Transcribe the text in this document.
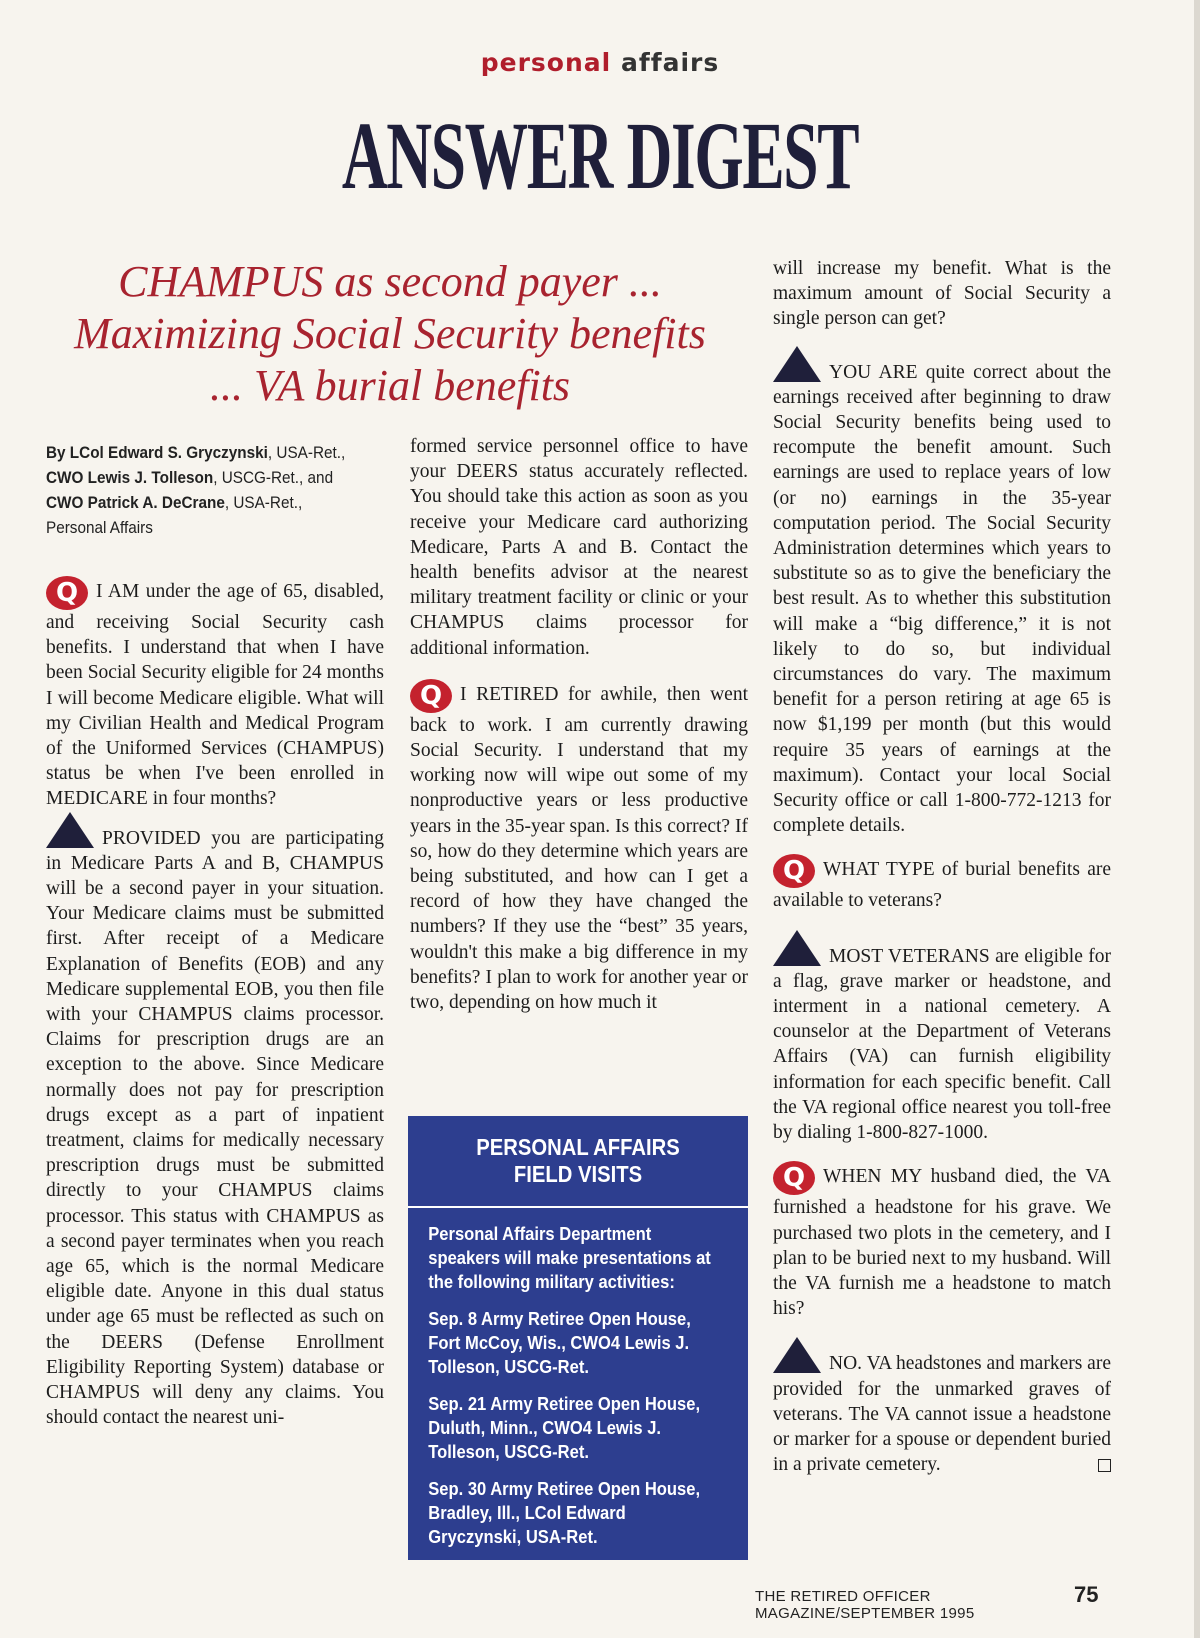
personal affairs
ANSWER DIGEST
CHAMPUS as second payer ...
Maximizing Social Security benefits
... VA burial benefits
By LCol Edward S. Gryczynski, USA-Ret.,
CWO Lewis J. Tolleson, USCG-Ret., and
CWO Patrick A. DeCrane, USA-Ret.,
Personal Affairs

Q I AM under the age of 65, disabled, and receiving Social Security cash benefits. I understand that when I have been Social Security eligible for 24 months I will become Medicare eligible. What will my Civilian Health and Medical Program of the Uniformed Services (CHAMPUS) status be when I've been enrolled in MEDICARE in four months?

PROVIDED you are participating in Medicare Parts A and B, CHAMPUS will be a second payer in your situation. Your Medicare claims must be submitted first. After receipt of a Medicare Explanation of Benefits (EOB) and any Medicare supplemental EOB, you then file with your CHAMPUS claims processor. Claims for prescription drugs are an exception to the above. Since Medicare normally does not pay for prescription drugs except as a part of inpatient treatment, claims for medically necessary prescription drugs must be submitted directly to your CHAMPUS claims processor. This status with CHAMPUS as a second payer terminates when you reach age 65, which is the normal Medicare eligible date. Anyone in this dual status under age 65 must be reflected as such on the DEERS (Defense Enrollment Eligibility Reporting System) database or CHAMPUS will deny any claims. You should contact the nearest uni-

formed service personnel office to have your DEERS status accurately reflected. You should take this action as soon as you receive your Medicare card authorizing Medicare, Parts A and B. Contact the health benefits advisor at the nearest military treatment facility or clinic or your CHAMPUS claims processor for additional information.

Q I RETIRED for awhile, then went back to work. I am currently drawing Social Security. I understand that my working now will wipe out some of my nonproductive years or less productive years in the 35-year span. Is this correct? If so, how do they determine which years are being substituted, and how can I get a record of how they have changed the numbers? If they use the “best” 35 years, wouldn't this make a big difference in my benefits? I plan to work for another year or two, depending on how much it

PERSONAL AFFAIRS
FIELD VISITS

Personal Affairs Department speakers will make presentations at the following military activities:

Sep. 8 Army Retiree Open House, Fort McCoy, Wis., CWO4 Lewis J. Tolleson, USCG-Ret.

Sep. 21 Army Retiree Open House, Duluth, Minn., CWO4 Lewis J. Tolleson, USCG-Ret.

Sep. 30 Army Retiree Open House, Bradley, Ill., LCol Edward Gryczynski, USA-Ret.

will increase my benefit. What is the maximum amount of Social Security a single person can get?

YOU ARE quite correct about the earnings received after beginning to draw Social Security benefits being used to recompute the benefit amount. Such earnings are used to replace years of low (or no) earnings in the 35-year computation period. The Social Security Administration determines which years to substitute so as to give the beneficiary the best result. As to whether this substitution will make a “big difference,” it is not likely to do so, but individual circumstances do vary. The maximum benefit for a person retiring at age 65 is now $1,199 per month (but this would require 35 years of earnings at the maximum). Contact your local Social Security office or call 1-800-772-1213 for complete details.

Q WHAT TYPE of burial benefits are available to veterans?

MOST VETERANS are eligible for a flag, grave marker or headstone, and interment in a national cemetery. A counselor at the Department of Veterans Affairs (VA) can furnish eligibility information for each specific benefit. Call the VA regional office nearest you toll-free by dialing 1-800-827-1000.

Q WHEN MY husband died, the VA furnished a headstone for his grave. We purchased two plots in the cemetery, and I plan to be buried next to my husband. Will the VA furnish me a headstone to match his?

NO. VA headstones and markers are provided for the unmarked graves of veterans. The VA cannot issue a headstone or marker for a spouse or dependent buried in a private cemetery.

THE RETIRED OFFICER MAGAZINE/SEPTEMBER 1995
75
